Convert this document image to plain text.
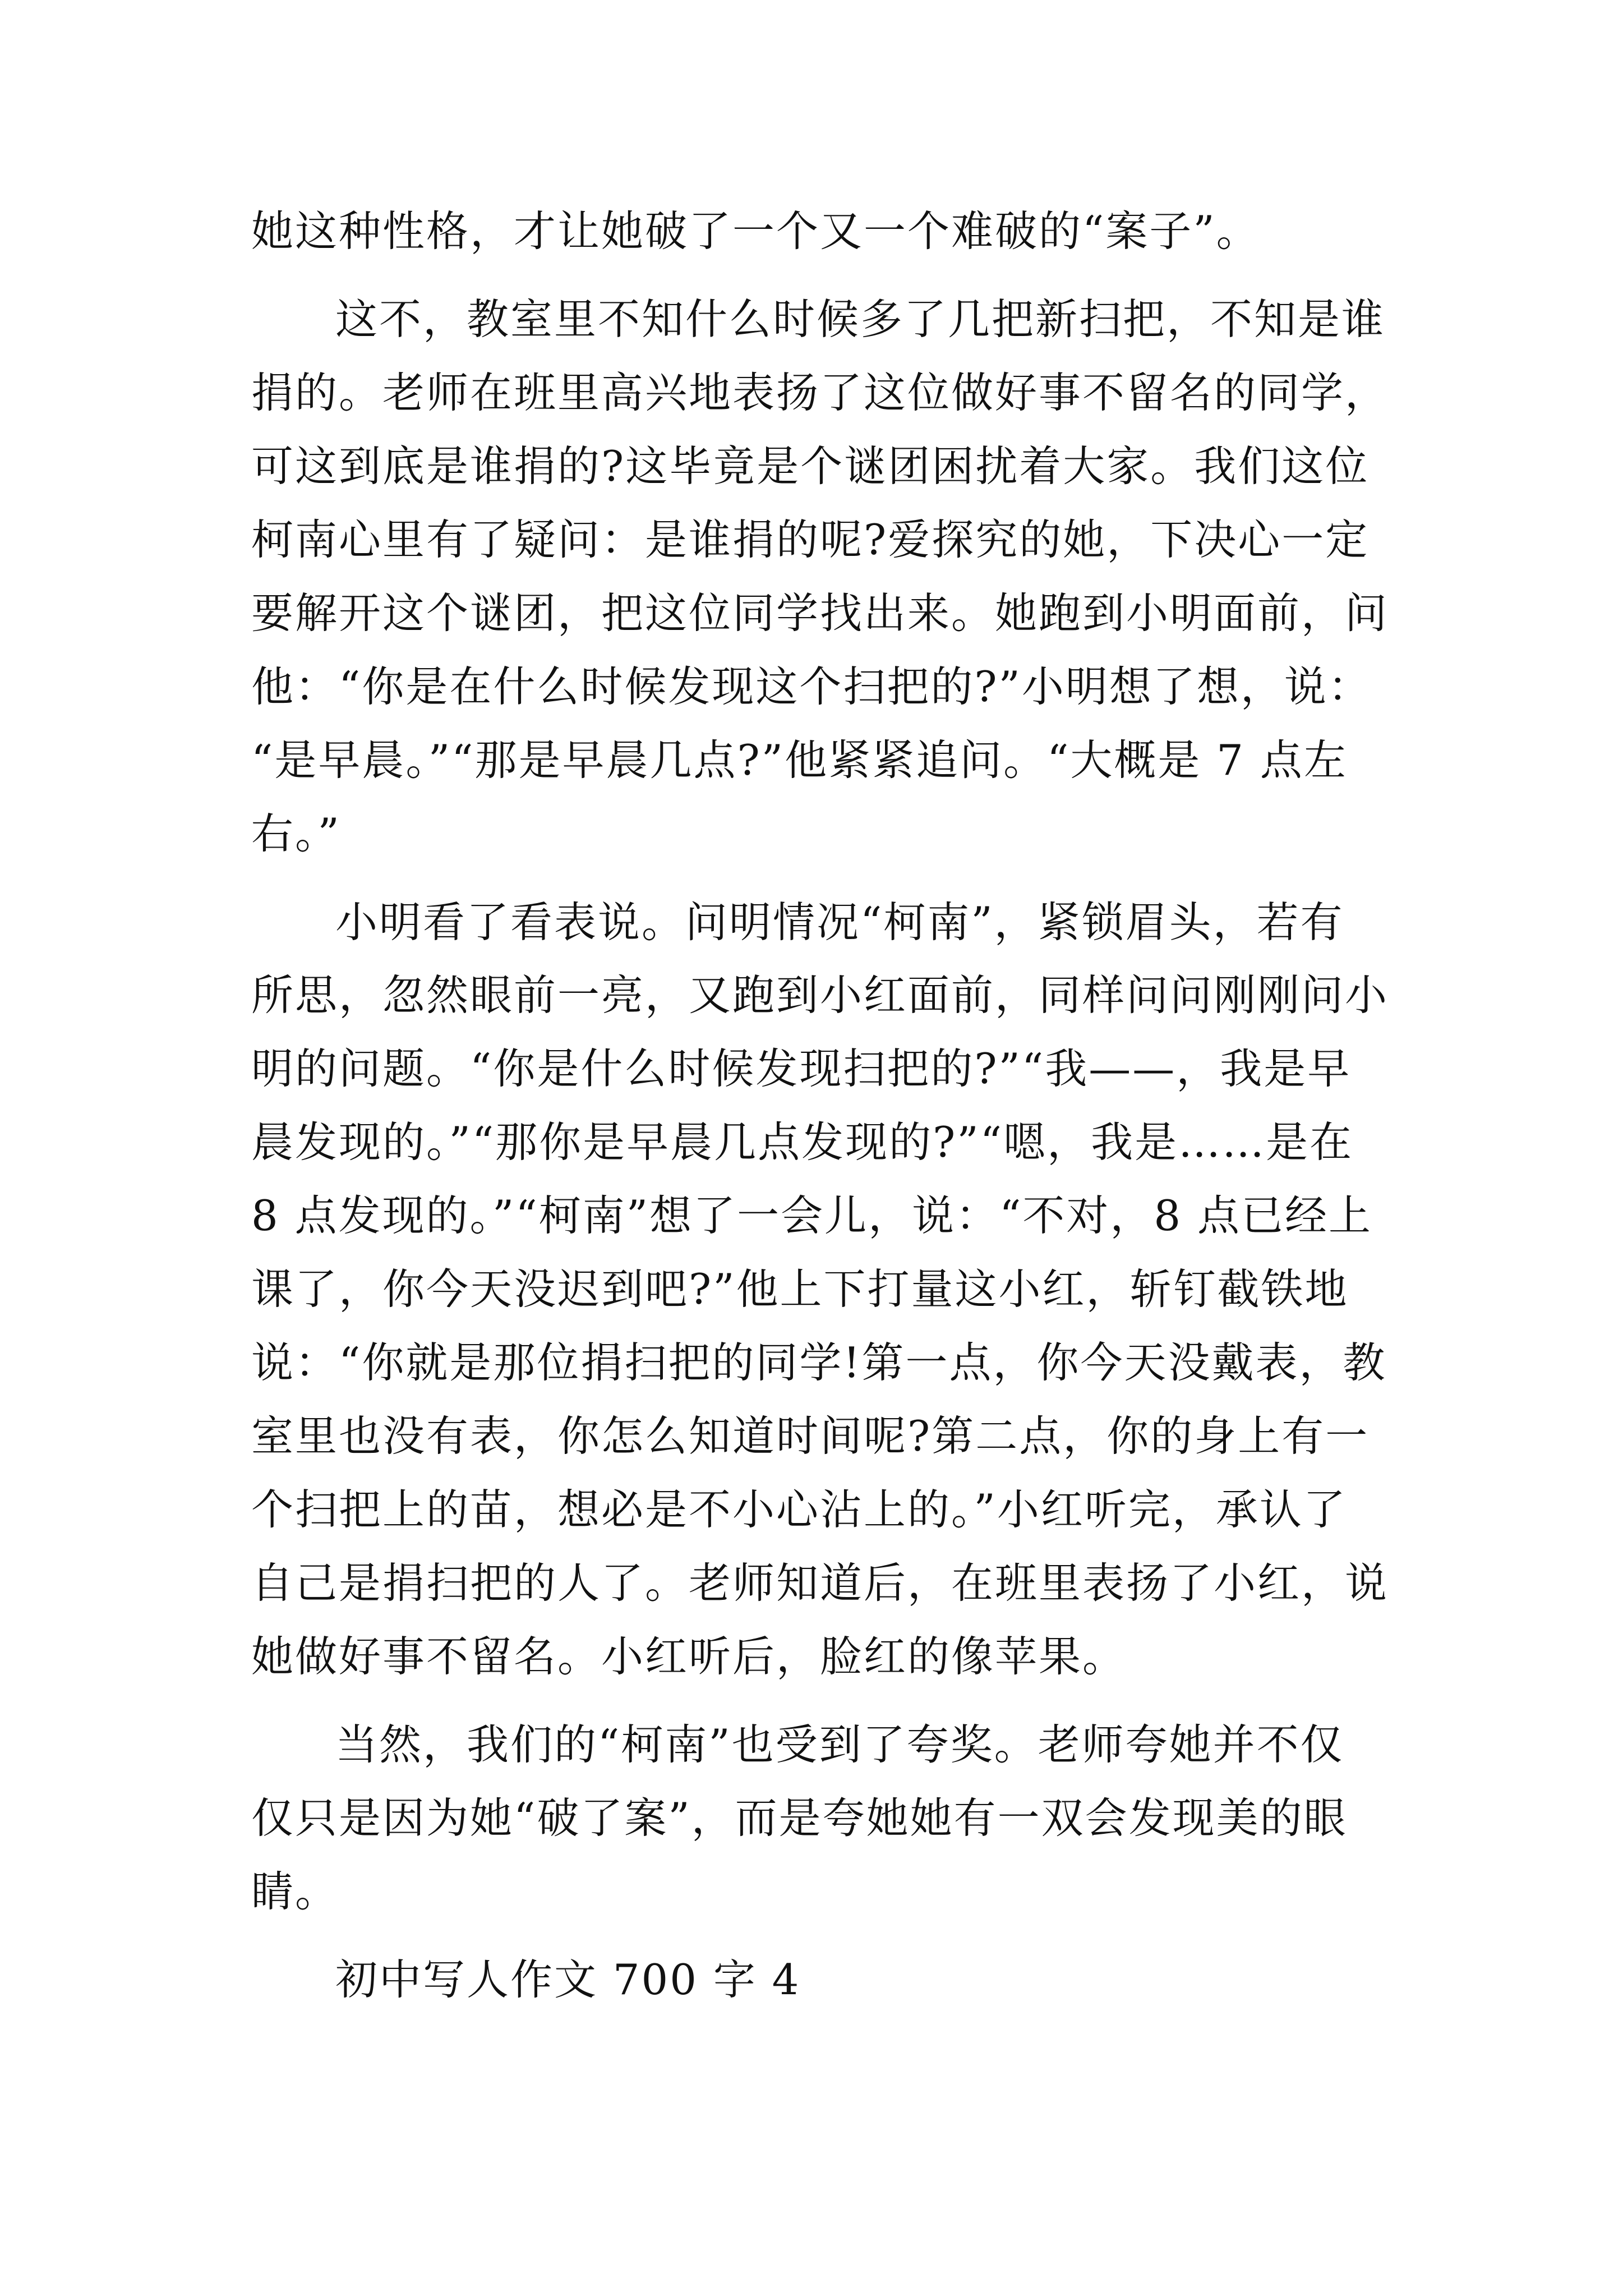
她这种性格，才让她破了一个又一个难破的“案子”。
这不，教室里不知什么时候多了几把新扫把，不知是谁
捐的。老师在班里高兴地表扬了这位做好事不留名的同学，
可这到底是谁捐的?这毕竟是个谜团困扰着大家。我们这位
柯南心里有了疑问：是谁捐的呢?爱探究的她，下决心一定
要解开这个谜团，把这位同学找出来。她跑到小明面前，问
他：“你是在什么时候发现这个扫把的?”小明想了想，说：
“是早晨。”“那是早晨几点?”他紧紧追问。“大概是 7 点左
右。”
小明看了看表说。问明情况“柯南”，紧锁眉头，若有
所思，忽然眼前一亮，又跑到小红面前，同样问问刚刚问小
明的问题。“你是什么时候发现扫把的?”“我——，我是早
晨发现的。”“那你是早晨几点发现的?”“嗯，我是……是在
8 点发现的。”“柯南”想了一会儿，说：“不对，8 点已经上
课了，你今天没迟到吧?”他上下打量这小红，斩钉截铁地
说：“你就是那位捐扫把的同学!第一点，你今天没戴表，教
室里也没有表，你怎么知道时间呢?第二点，你的身上有一
个扫把上的苗，想必是不小心沾上的。”小红听完，承认了
自己是捐扫把的人了。老师知道后，在班里表扬了小红，说
她做好事不留名。小红听后，脸红的像苹果。
当然，我们的“柯南”也受到了夸奖。老师夸她并不仅
仅只是因为她“破了案”，而是夸她她有一双会发现美的眼
睛。
初中写人作文 700 字 4
